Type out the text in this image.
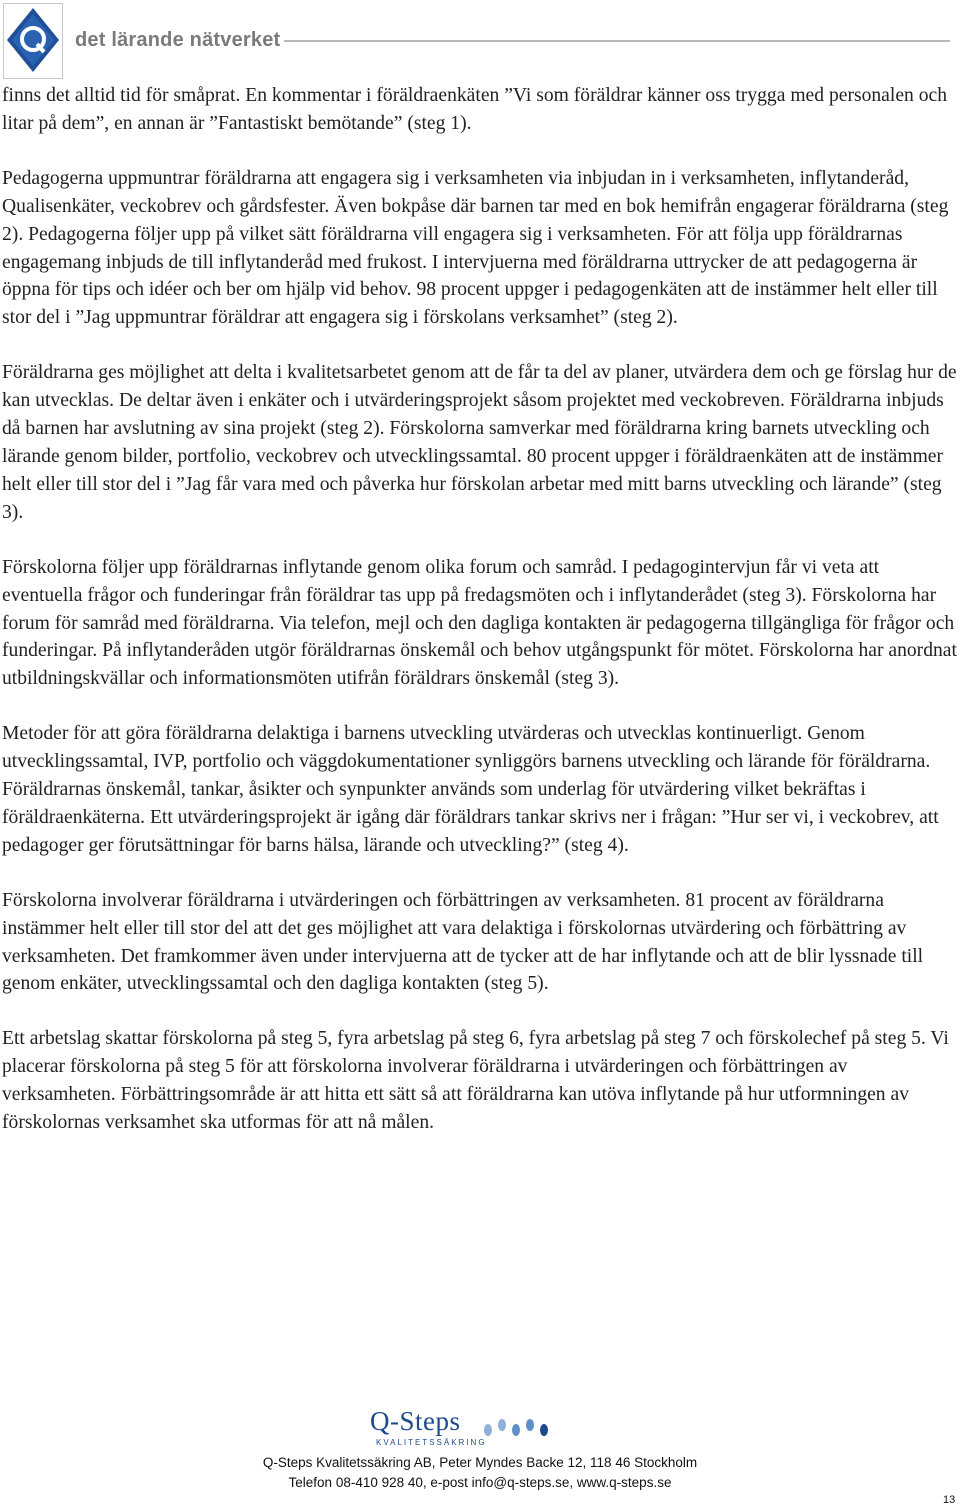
det lärande nätverket

finns det alltid tid för småprat. En kommentar i föräldraenkäten ”Vi som föräldrar känner oss trygga med personalen och litar på dem”, en annan är ”Fantastiskt bemötande” (steg 1).

Pedagogerna uppmuntrar föräldrarna att engagera sig i verksamheten via inbjudan in i verksamheten, inflytanderåd, Qualisenkäter, veckobrev och gårdsfester. Även bokpåse där barnen tar med en bok hemifrån engagerar föräldrarna (steg 2). Pedagogerna följer upp på vilket sätt föräldrarna vill engagera sig i verksamheten. För att följa upp föräldrarnas engagemang inbjuds de till inflytanderåd med frukost. I intervjuerna med föräldrarna uttrycker de att pedagogerna är öppna för tips och idéer och ber om hjälp vid behov. 98 procent uppger i pedagogenkäten att de instämmer helt eller till stor del i ”Jag uppmuntrar föräldrar att engagera sig i förskolans verksamhet” (steg 2).

Föräldrarna ges möjlighet att delta i kvalitetsarbetet genom att de får ta del av planer, utvärdera dem och ge förslag hur de kan utvecklas. De deltar även i enkäter och i utvärderingsprojekt såsom projektet med veckobreven. Föräldrarna inbjuds då barnen har avslutning av sina projekt (steg 2). Förskolorna samverkar med föräldrarna kring barnets utveckling och lärande genom bilder, portfolio, veckobrev och utvecklingssamtal. 80 procent uppger i föräldraenkäten att de instämmer helt eller till stor del i ”Jag får vara med och påverka hur förskolan arbetar med mitt barns utveckling och lärande” (steg 3).

Förskolorna följer upp föräldrarnas inflytande genom olika forum och samråd. I pedagogintervjun får vi veta att eventuella frågor och funderingar från föräldrar tas upp på fredagsmöten och i inflytanderådet (steg 3). Förskolorna har forum för samråd med föräldrarna. Via telefon, mejl och den dagliga kontakten är pedagogerna tillgängliga för frågor och funderingar. På inflytanderåden utgör föräldrarnas önskemål och behov utgångspunkt för mötet. Förskolorna har anordnat utbildningskvällar och informationsmöten utifrån föräldrars önskemål (steg 3).

Metoder för att göra föräldrarna delaktiga i barnens utveckling utvärderas och utvecklas kontinuerligt. Genom utvecklingssamtal, IVP, portfolio och väggdokumentationer synliggörs barnens utveckling och lärande för föräldrarna. Föräldrarnas önskemål, tankar, åsikter och synpunkter används som underlag för utvärdering vilket bekräftas i föräldraenkäterna. Ett utvärderingsprojekt är igång där föräldrars tankar skrivs ner i frågan: ”Hur ser vi, i veckobrev, att pedagoger ger förutsättningar för barns hälsa, lärande och utveckling?” (steg 4).

Förskolorna involverar föräldrarna i utvärderingen och förbättringen av verksamheten. 81 procent av föräldrarna instämmer helt eller till stor del att det ges möjlighet att vara delaktiga i förskolornas utvärdering och förbättring av verksamheten. Det framkommer även under intervjuerna att de tycker att de har inflytande och att de blir lyssnade till genom enkäter, utvecklingssamtal och den dagliga kontakten (steg 5).

Ett arbetslag skattar förskolorna på steg 5, fyra arbetslag på steg 6, fyra arbetslag på steg 7 och förskolechef på steg 5. Vi placerar förskolorna på steg 5 för att förskolorna involverar föräldrarna i utvärderingen och förbättringen av verksamheten. Förbättringsområde är att hitta ett sätt så att föräldrarna kan utöva inflytande på hur utformningen av förskolornas verksamhet ska utformas för att nå målen.

Q-Steps
KVALITETSSÄKRING
Q-Steps Kvalitetssäkring AB, Peter Myndes Backe 12, 118 46 Stockholm
Telefon 08-410 928 40, e-post info@q-steps.se, www.q-steps.se
13
